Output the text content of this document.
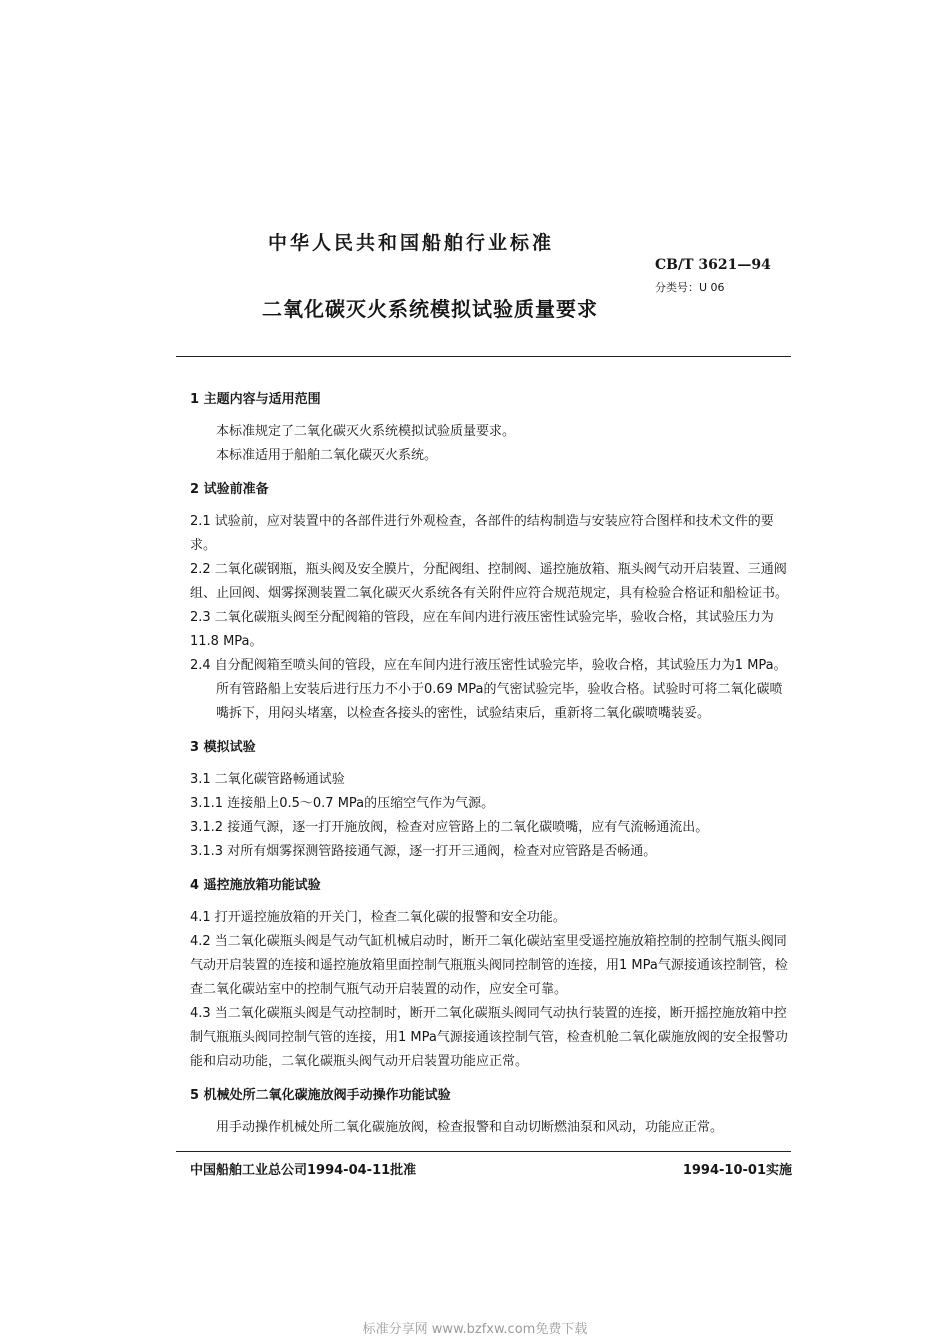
中华人民共和国船舶行业标准
CB/T 3621—94
分类号：U 06
二氧化碳灭火系统模拟试验质量要求

1 主题内容与适用范围

本标准规定了二氧化碳灭火系统模拟试验质量要求。

本标准适用于船舶二氧化碳灭火系统。

2 试验前准备

2.1 试验前，应对装置中的各部件进行外观检查，各部件的结构制造与安装应符合图样和技术文件的要求。

2.2 二氧化碳钢瓶，瓶头阀及安全膜片，分配阀组、控制阀、遥控施放箱、瓶头阀气动开启装置、三通阀组、止回阀、烟雾探测装置二氧化碳灭火系统各有关附件应符合规范规定，具有检验合格证和船检证书。

2.3 二氧化碳瓶头阀至分配阀箱的管段，应在车间内进行液压密性试验完毕，验收合格，其试验压力为11.8 MPa。

2.4 自分配阀箱至喷头间的管段，应在车间内进行液压密性试验完毕，验收合格，其试验压力为1 MPa。

所有管路船上安装后进行压力不小于0.69 MPa的气密试验完毕，验收合格。试验时可将二氧化碳喷嘴拆下，用闷头堵塞，以检查各接头的密性，试验结束后，重新将二氧化碳喷嘴装妥。

3 模拟试验

3.1 二氧化碳管路畅通试验

3.1.1 连接船上0.5～0.7 MPa的压缩空气作为气源。

3.1.2 接通气源，逐一打开施放阀，检查对应管路上的二氧化碳喷嘴，应有气流畅通流出。

3.1.3 对所有烟雾探测管路接通气源，逐一打开三通阀，检查对应管路是否畅通。

4 遥控施放箱功能试验

4.1 打开遥控施放箱的开关门，检查二氧化碳的报警和安全功能。

4.2 当二氧化碳瓶头阀是气动气缸机械启动时，断开二氧化碳站室里受遥控施放箱控制的控制气瓶头阀同气动开启装置的连接和遥控施放箱里面控制气瓶瓶头阀同控制管的连接，用1 MPa气源接通该控制管，检查二氧化碳站室中的控制气瓶气动开启装置的动作，应安全可靠。

4.3 当二氧化碳瓶头阀是气动控制时，断开二氧化碳瓶头阀同气动执行装置的连接，断开摇控施放箱中控制气瓶瓶头阀同控制气管的连接，用1 MPa气源接通该控制气管，检查机舱二氧化碳施放阀的安全报警功能和启动功能，二氧化碳瓶头阀气动开启装置功能应正常。

5 机械处所二氧化碳施放阀手动操作功能试验

用手动操作机械处所二氧化碳施放阀，检查报警和自动切断燃油泵和风动，功能应正常。

中国船舶工业总公司1994-04-11批准	1994-10-01实施
标准分享网 www.bzfxw.com免费下载
